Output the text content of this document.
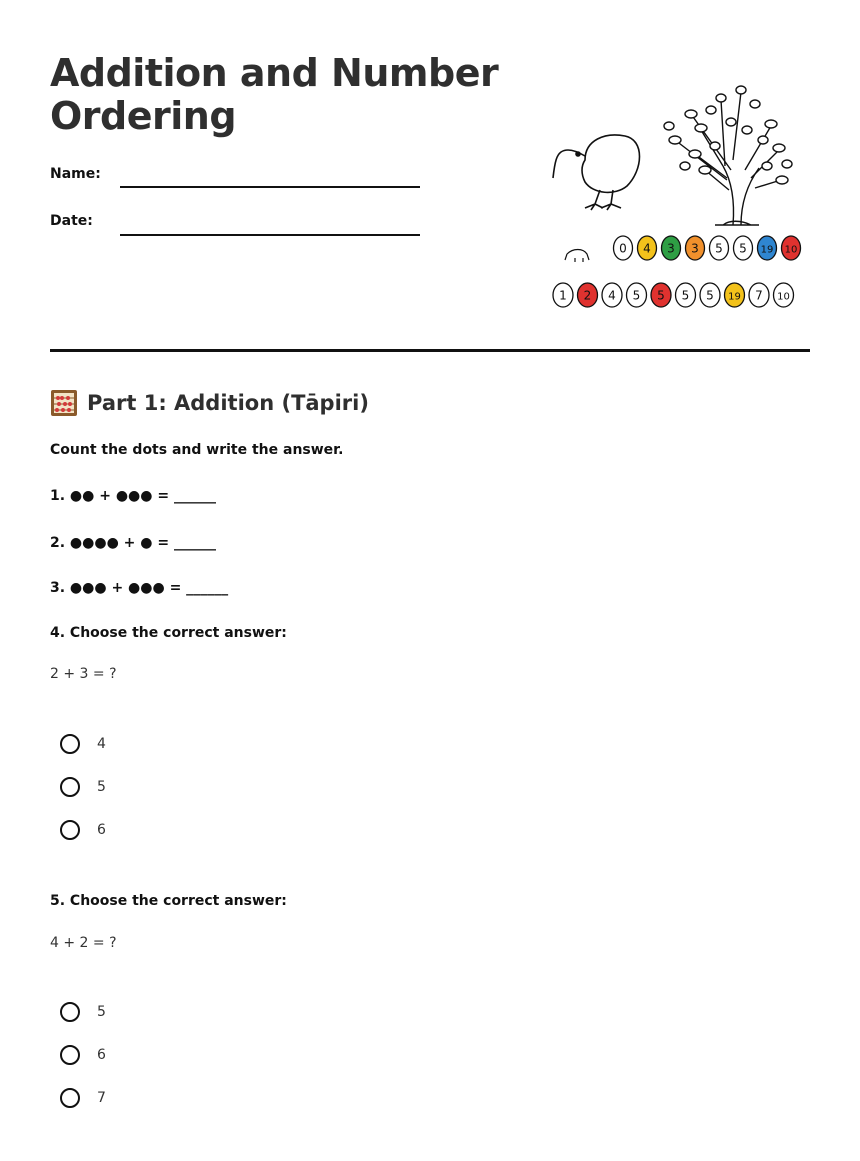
Addition and Number Ordering
Name:
Date:
0 4 3 3 5 5 19 10
1 2 4 5 5 5 5 19 7 10
Part 1: Addition (Tāpiri)
Count the dots and write the answer.
1. ●● + ●●● = ______
2. ●●●● + ● = ______
3. ●●● + ●●● = ______
4. Choose the correct answer:
2 + 3 = ?
4
5
6
5. Choose the correct answer:
4 + 2 = ?
5
6
7
